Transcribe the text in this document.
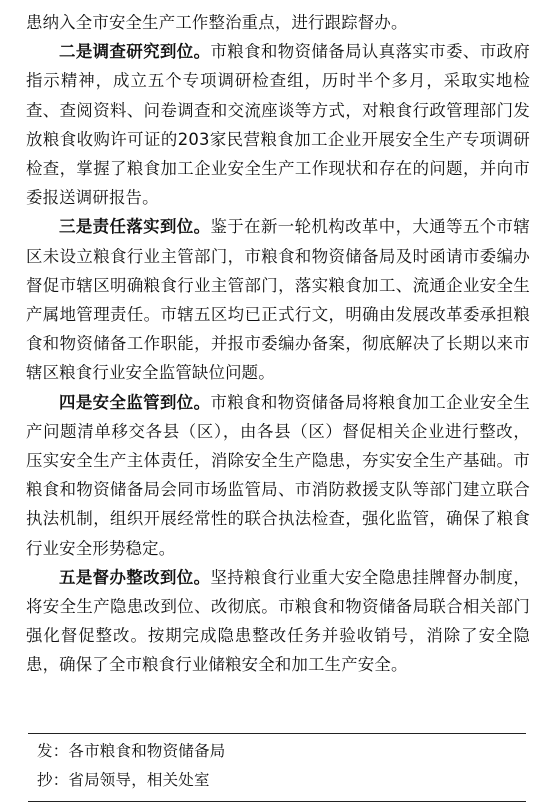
患纳入全市安全生产工作整治重点，进行跟踪督办。

二是调查研究到位。市粮食和物资储备局认真落实市委、市政府指示精神，成立五个专项调研检查组，历时半个多月，采取实地检查、查阅资料、问卷调查和交流座谈等方式，对粮食行政管理部门发放粮食收购许可证的203家民营粮食加工企业开展安全生产专项调研检查，掌握了粮食加工企业安全生产工作现状和存在的问题，并向市委报送调研报告。

三是责任落实到位。鉴于在新一轮机构改革中，大通等五个市辖区未设立粮食行业主管部门，市粮食和物资储备局及时函请市委编办督促市辖区明确粮食行业主管部门，落实粮食加工、流通企业安全生产属地管理责任。市辖五区均已正式行文，明确由发展改革委承担粮食和物资储备工作职能，并报市委编办备案，彻底解决了长期以来市辖区粮食行业安全监管缺位问题。

四是安全监管到位。市粮食和物资储备局将粮食加工企业安全生产问题清单移交各县（区），由各县（区）督促相关企业进行整改，压实安全生产主体责任，消除安全生产隐患，夯实安全生产基础。市粮食和物资储备局会同市场监管局、市消防救援支队等部门建立联合执法机制，组织开展经常性的联合执法检查，强化监管，确保了粮食行业安全形势稳定。

五是督办整改到位。坚持粮食行业重大安全隐患挂牌督办制度，将安全生产隐患改到位、改彻底。市粮食和物资储备局联合相关部门强化督促整改。按期完成隐患整改任务并验收销号，消除了安全隐患，确保了全市粮食行业储粮安全和加工生产安全。

发：各市粮食和物资储备局
抄：省局领导，相关处室
